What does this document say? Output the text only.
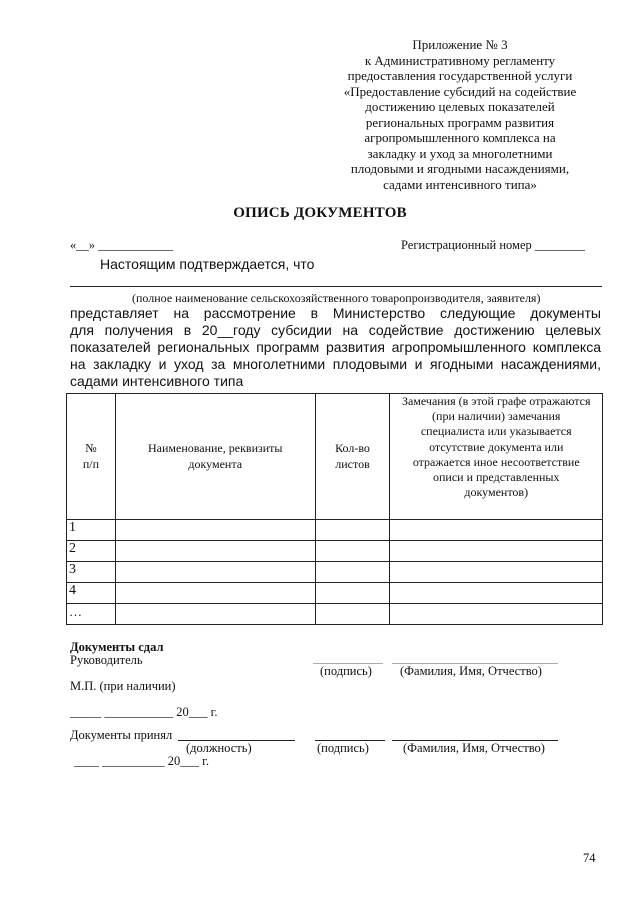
Приложение № 3
к Административному регламенту
предоставления государственной услуги
«Предоставление субсидий на содействие
достижению целевых показателей
региональных программ развития
агропромышленного комплекса на
закладку и уход за многолетними
плодовыми и ягодными насаждениями,
садами интенсивного типа»
ОПИСЬ ДОКУМЕНТОВ
«__» ____________	Регистрационный номер ________
Настоящим подтверждается, что
(полное наименование сельскохозяйственного товаропроизводителя, заявителя)
представляет на рассмотрение в Министерство следующие документы
для получения в 20__году субсидии на содействие достижению целевых
показателей региональных программ развития агропромышленного комплекса
на закладку и уход за многолетними плодовыми и ягодными насаждениями,
садами интенсивного типа
№ п/п	Наименование, реквизиты документа	Кол-во листов	Замечания (в этой графе отражаются (при наличии) замечания специалиста или указывается отсутствие документа или отражается иное несоответствие описи и представленных документов)
1			
2			
3			
4			
…			
Документы сдал
Руководитель
(подпись) (Фамилия, Имя, Отчество)
М.П. (при наличии)
_____ ___________ 20___ г.
Документы принял
(должность)	(подпись)	(Фамилия, Имя, Отчество)
____ __________ 20___ г.
74
